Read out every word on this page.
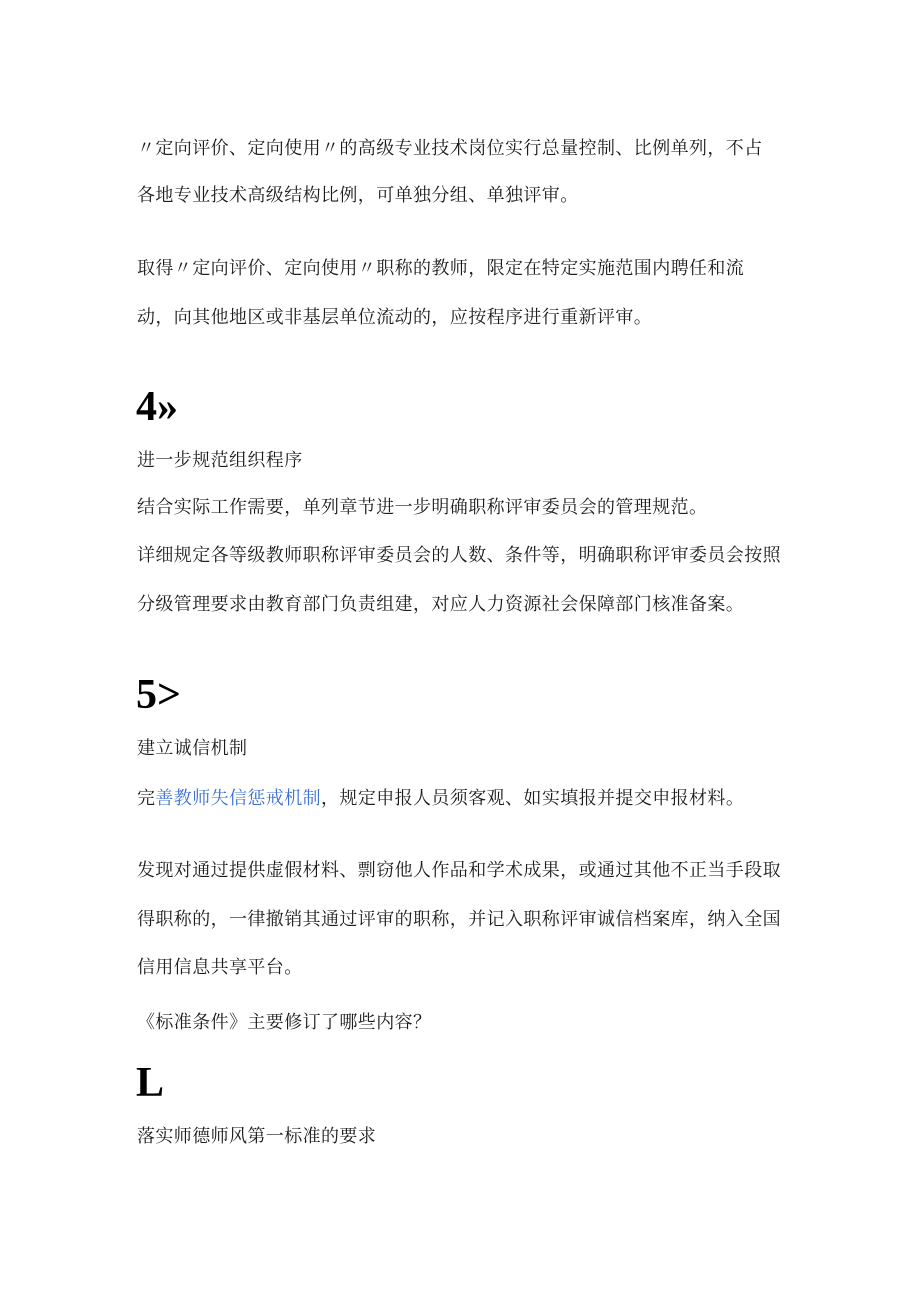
〃定向评价、定向使用〃的高级专业技术岗位实行总量控制、比例单列，不占
各地专业技术高级结构比例，可单独分组、单独评审。
取得〃定向评价、定向使用〃职称的教师，限定在特定实施范围内聘任和流
动，向其他地区或非基层单位流动的，应按程序进行重新评审。
4»
进一步规范组织程序
结合实际工作需要，单列章节进一步明确职称评审委员会的管理规范。
详细规定各等级教师职称评审委员会的人数、条件等，明确职称评审委员会按照
分级管理要求由教育部门负责组建，对应人力资源社会保障部门核准备案。
5>
建立诚信机制
完善教师失信惩戒机制，规定申报人员须客观、如实填报并提交申报材料。
发现对通过提供虚假材料、剽窃他人作品和学术成果，或通过其他不正当手段取
得职称的，一律撤销其通过评审的职称，并记入职称评审诚信档案库，纳入全国
信用信息共享平台。
《标准条件》主要修订了哪些内容？
L
落实师德师风第一标准的要求
